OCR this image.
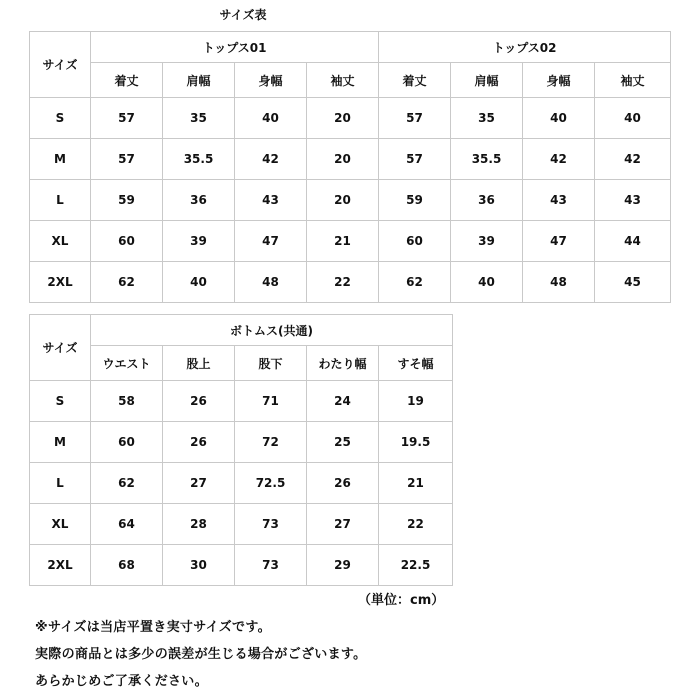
サイズ表
サイズ	トップス01				トップス02			
	着丈	肩幅	身幅	袖丈	着丈	肩幅	身幅	袖丈
S	57	35	40	20	57	35	40	40
M	57	35.5	42	20	57	35.5	42	42
L	59	36	43	20	59	36	43	43
XL	60	39	47	21	60	39	47	44
2XL	62	40	48	22	62	40	48	45
サイズ	ボトムス(共通)				
	ウエスト	股上	股下	わたり幅	すそ幅
S	58	26	71	24	19
M	60	26	72	25	19.5
L	62	27	72.5	26	21
XL	64	28	73	27	22
2XL	68	30	73	29	22.5
（単位：cm）
※サイズは当店平置き実寸サイズです。
実際の商品とは多少の誤差が生じる場合がございます。
あらかじめご了承ください。
